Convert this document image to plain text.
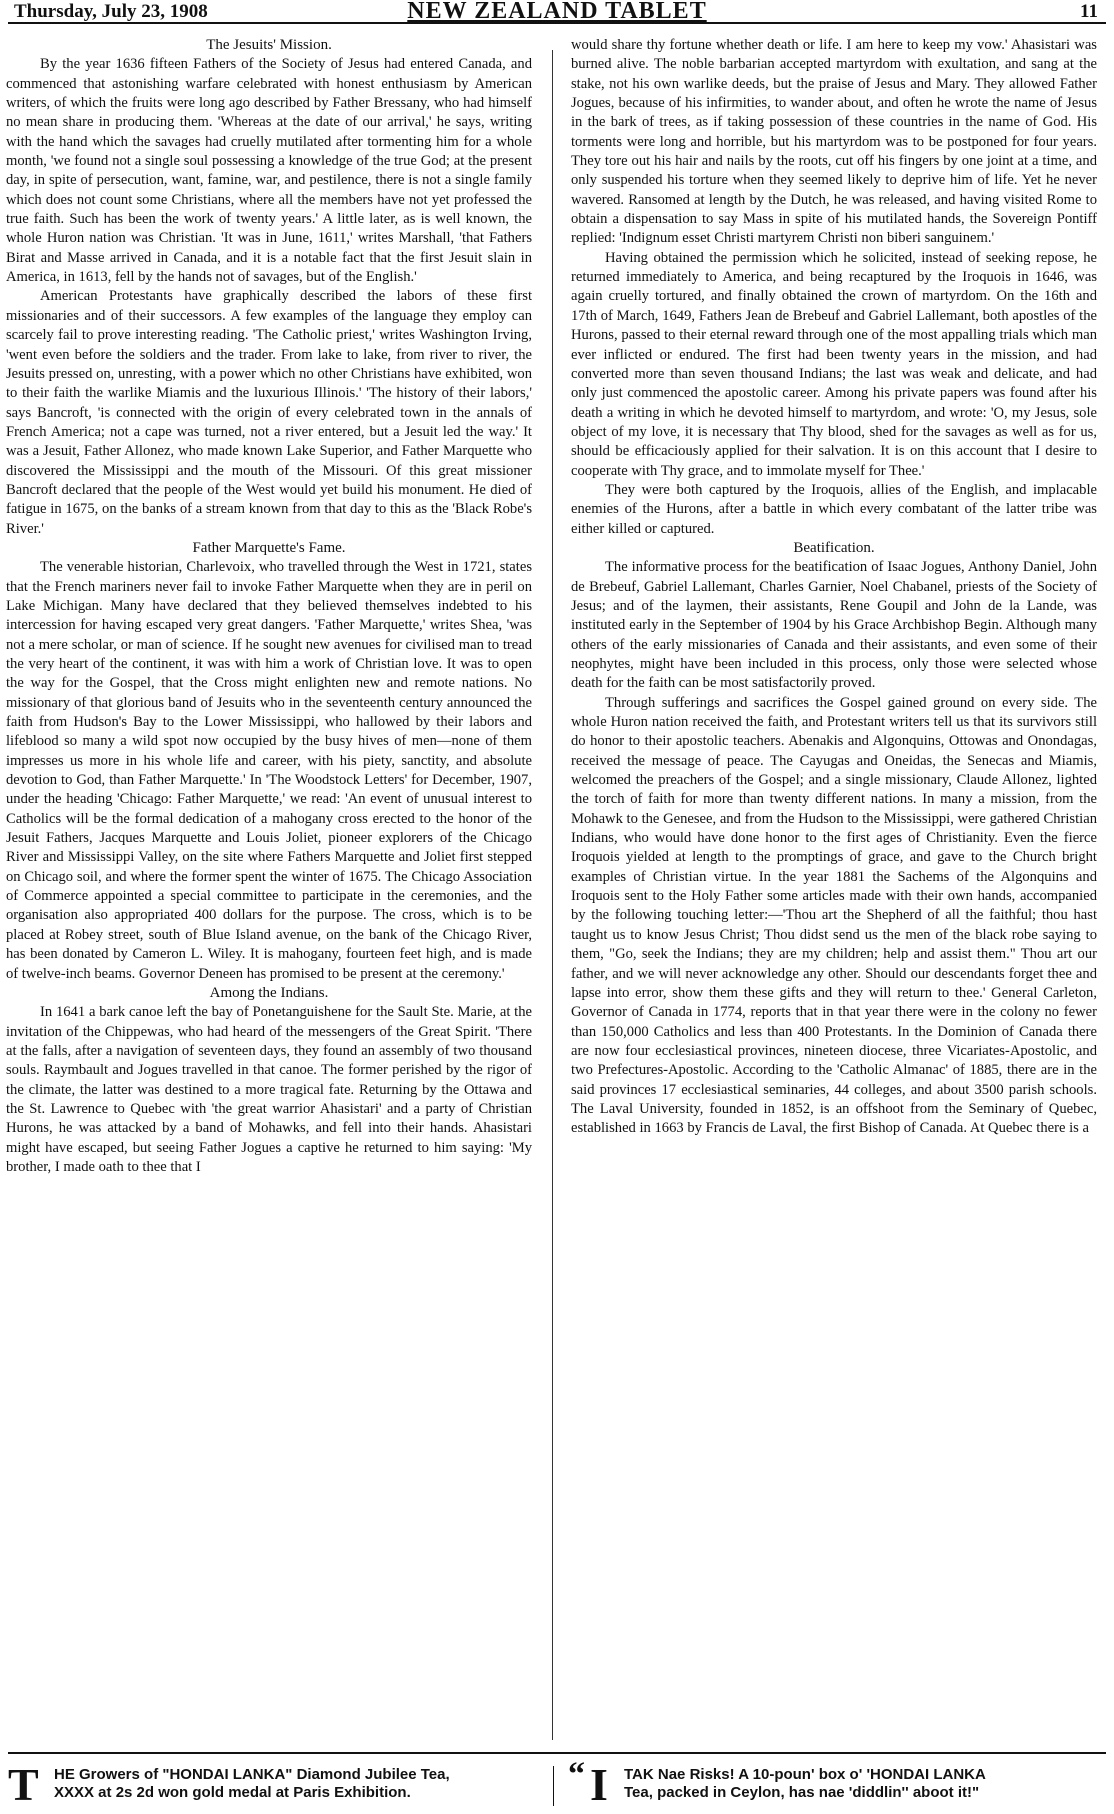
Thursday, July 23, 1908	NEW ZEALAND TABLET	11
The Jesuits' Mission.

By the year 1636 fifteen Fathers of the Society of Jesus had entered Canada, and commenced that astonishing warfare celebrated with honest enthusiasm by American writers, of which the fruits were long ago described by Father Bressany, who had himself no mean share in producing them. 'Whereas at the date of our arrival,' he says, writing with the hand which the savages had cruelly mutilated after tormenting him for a whole month, 'we found not a single soul possessing a knowledge of the true God; at the present day, in spite of persecution, want, famine, war, and pestilence, there is not a single family which does not count some Christians, where all the members have not yet professed the true faith. Such has been the work of twenty years.' A little later, as is well known, the whole Huron nation was Christian. 'It was in June, 1611,' writes Marshall, 'that Fathers Birat and Masse arrived in Canada, and it is a notable fact that the first Jesuit slain in America, in 1613, fell by the hands not of savages, but of the English.'

American Protestants have graphically described the labors of these first missionaries and of their successors. A few examples of the language they employ can scarcely fail to prove interesting reading. 'The Catholic priest,' writes Washington Irving, 'went even before the soldiers and the trader. From lake to lake, from river to river, the Jesuits pressed on, unresting, with a power which no other Christians have exhibited, won to their faith the warlike Miamis and the luxurious Illinois.' 'The history of their labors,' says Bancroft, 'is connected with the origin of every celebrated town in the annals of French America; not a cape was turned, not a river entered, but a Jesuit led the way.' It was a Jesuit, Father Allonez, who made known Lake Superior, and Father Marquette who discovered the Mississippi and the mouth of the Missouri. Of this great missioner Bancroft declared that the people of the West would yet build his monument. He died of fatigue in 1675, on the banks of a stream known from that day to this as the 'Black Robe's River.'

Father Marquette's Fame.

The venerable historian, Charlevoix, who travelled through the West in 1721, states that the French mariners never fail to invoke Father Marquette when they are in peril on Lake Michigan. Many have declared that they believed themselves indebted to his intercession for having escaped very great dangers. 'Father Marquette,' writes Shea, 'was not a mere scholar, or man of science. If he sought new avenues for civilised man to tread the very heart of the continent, it was with him a work of Christian love. It was to open the way for the Gospel, that the Cross might enlighten new and remote nations. No missionary of that glorious band of Jesuits who in the seventeenth century announced the faith from Hudson's Bay to the Lower Mississippi, who hallowed by their labors and lifeblood so many a wild spot now occupied by the busy hives of men—none of them impresses us more in his whole life and career, with his piety, sanctity, and absolute devotion to God, than Father Marquette.' In 'The Woodstock Letters' for December, 1907, under the heading 'Chicago: Father Marquette,' we read: 'An event of unusual interest to Catholics will be the formal dedication of a mahogany cross erected to the honor of the Jesuit Fathers, Jacques Marquette and Louis Joliet, pioneer explorers of the Chicago River and Mississippi Valley, on the site where Fathers Marquette and Joliet first stepped on Chicago soil, and where the former spent the winter of 1675. The Chicago Association of Commerce appointed a special committee to participate in the ceremonies, and the organisation also appropriated 400 dollars for the purpose. The cross, which is to be placed at Robey street, south of Blue Island avenue, on the bank of the Chicago River, has been donated by Cameron L. Wiley. It is mahogany, fourteen feet high, and is made of twelve-inch beams. Governor Deneen has promised to be present at the ceremony.'

Among the Indians.

In 1641 a bark canoe left the bay of Ponetanguishene for the Sault Ste. Marie, at the invitation of the Chippewas, who had heard of the messengers of the Great Spirit. 'There at the falls, after a navigation of seventeen days, they found an assembly of two thousand souls. Raymbault and Jogues travelled in that canoe. The former perished by the rigor of the climate, the latter was destined to a more tragical fate. Returning by the Ottawa and the St. Lawrence to Quebec with 'the great warrior Ahasistari' and a party of Christian Hurons, he was attacked by a band of Mohawks, and fell into their hands. Ahasistari might have escaped, but seeing Father Jogues a captive he returned to him saying: 'My brother, I made oath to thee that I

would share thy fortune whether death or life. I am here to keep my vow.' Ahasistari was burned alive. The noble barbarian accepted martyrdom with exultation, and sang at the stake, not his own warlike deeds, but the praise of Jesus and Mary. They allowed Father Jogues, because of his infirmities, to wander about, and often he wrote the name of Jesus in the bark of trees, as if taking possession of these countries in the name of God. His torments were long and horrible, but his martyrdom was to be postponed for four years. They tore out his hair and nails by the roots, cut off his fingers by one joint at a time, and only suspended his torture when they seemed likely to deprive him of life. Yet he never wavered. Ransomed at length by the Dutch, he was released, and having visited Rome to obtain a dispensation to say Mass in spite of his mutilated hands, the Sovereign Pontiff replied: 'Indignum esset Christi martyrem Christi non biberi sanguinem.'

Having obtained the permission which he solicited, instead of seeking repose, he returned immediately to America, and being recaptured by the Iroquois in 1646, was again cruelly tortured, and finally obtained the crown of martyrdom. On the 16th and 17th of March, 1649, Fathers Jean de Brebeuf and Gabriel Lallemant, both apostles of the Hurons, passed to their eternal reward through one of the most appalling trials which man ever inflicted or endured. The first had been twenty years in the mission, and had converted more than seven thousand Indians; the last was weak and delicate, and had only just commenced the apostolic career. Among his private papers was found after his death a writing in which he devoted himself to martyrdom, and wrote: 'O, my Jesus, sole object of my love, it is necessary that Thy blood, shed for the savages as well as for us, should be efficaciously applied for their salvation. It is on this account that I desire to cooperate with Thy grace, and to immolate myself for Thee.'

They were both captured by the Iroquois, allies of the English, and implacable enemies of the Hurons, after a battle in which every combatant of the latter tribe was either killed or captured.

Beatification.

The informative process for the beatification of Isaac Jogues, Anthony Daniel, John de Brebeuf, Gabriel Lallemant, Charles Garnier, Noel Chabanel, priests of the Society of Jesus; and of the laymen, their assistants, Rene Goupil and John de la Lande, was instituted early in the September of 1904 by his Grace Archbishop Begin. Although many others of the early missionaries of Canada and their assistants, and even some of their neophytes, might have been included in this process, only those were selected whose death for the faith can be most satisfactorily proved.

Through sufferings and sacrifices the Gospel gained ground on every side. The whole Huron nation received the faith, and Protestant writers tell us that its survivors still do honor to their apostolic teachers. Abenakis and Algonquins, Ottowas and Onondagas, received the message of peace. The Cayugas and Oneidas, the Senecas and Miamis, welcomed the preachers of the Gospel; and a single missionary, Claude Allonez, lighted the torch of faith for more than twenty different nations. In many a mission, from the Mohawk to the Genesee, and from the Hudson to the Mississippi, were gathered Christian Indians, who would have done honor to the first ages of Christianity. Even the fierce Iroquois yielded at length to the promptings of grace, and gave to the Church bright examples of Christian virtue. In the year 1881 the Sachems of the Algonquins and Iroquois sent to the Holy Father some articles made with their own hands, accompanied by the following touching letter:—'Thou art the Shepherd of all the faithful; thou hast taught us to know Jesus Christ; Thou didst send us the men of the black robe saying to them, "Go, seek the Indians; they are my children; help and assist them." Thou art our father, and we will never acknowledge any other. Should our descendants forget thee and lapse into error, show them these gifts and they will return to thee.' General Carleton, Governor of Canada in 1774, reports that in that year there were in the colony no fewer than 150,000 Catholics and less than 400 Protestants. In the Dominion of Canada there are now four ecclesiastical provinces, nineteen diocese, three Vicariates-Apostolic, and two Prefectures-Apostolic. According to the 'Catholic Almanac' of 1885, there are in the said provinces 17 ecclesiastical seminaries, 44 colleges, and about 3500 parish schools. The Laval University, founded in 1852, is an offshoot from the Seminary of Quebec, established in 1663 by Francis de Laval, the first Bishop of Canada. At Quebec there is a

T HE Growers of "HONDAI LANKA" Diamond Jubilee Tea,
XXXX at 2s 2d won gold medal at Paris Exhibition.	“ I TAK Nae Risks! A 10-poun' box o' 'HONDAI LANKA
Tea, packed in Ceylon, has nae 'diddlin'' aboot it!"
